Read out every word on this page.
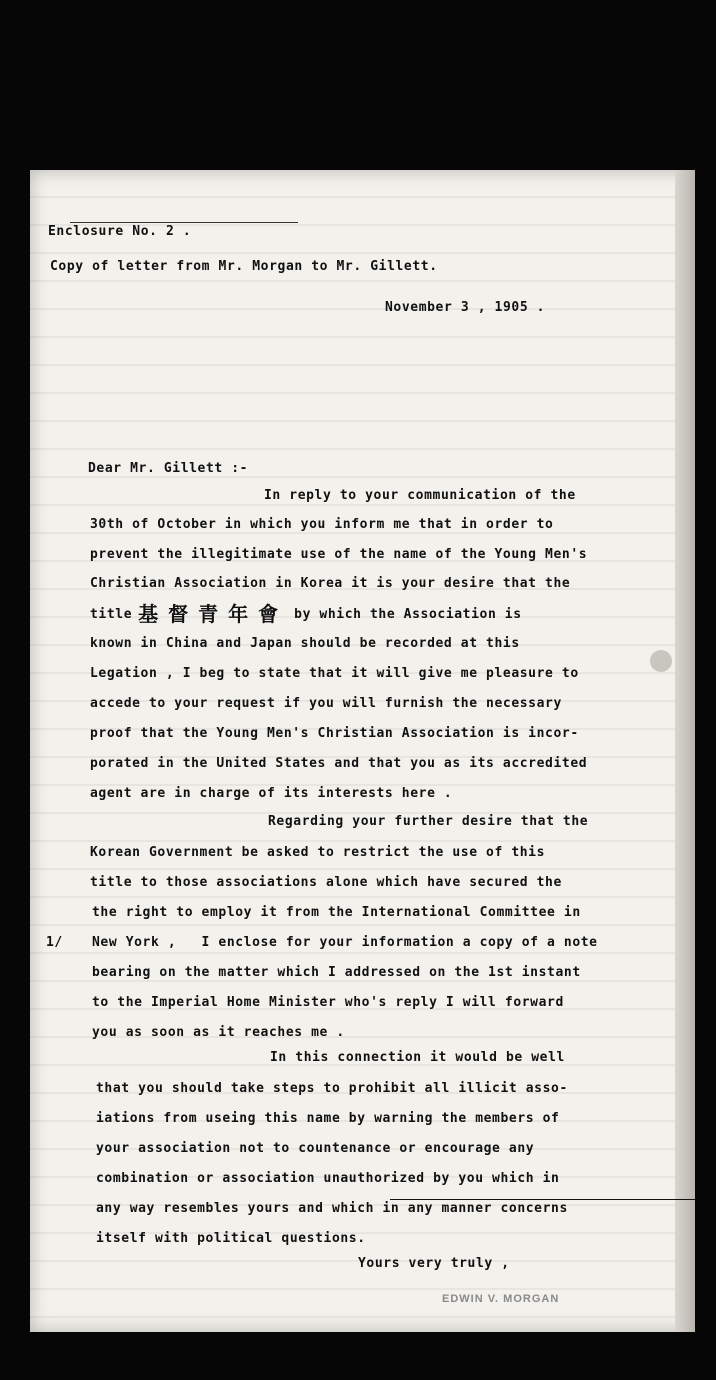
Enclosure No. 2 .
Copy of letter from Mr. Morgan to Mr. Gillett.
November 3 , 1905 .
Dear Mr. Gillett :-
In reply to your communication of the
30th of October in which you inform me that in order to
prevent the illegitimate use of the name of the Young Men's
Christian Association in Korea it is your desire that the
title 基督青年會 by which the Association is
known in China and Japan should be recorded at this
Legation , I beg to state that it will give me pleasure to
accede to your request if you will furnish the necessary
proof that the Young Men's Christian Association is incor-
porated in the United States and that you as its accredited
agent are in charge of its interests here .
Regarding your further desire that the
Korean Government be asked to restrict the use of this
title to those associations alone which have secured the
the right to employ it from the International Committee in
1/ New York ,   I enclose for your information a copy of a note
bearing on the matter which I addressed on the 1st instant
to the Imperial Home Minister who's reply I will forward
you as soon as it reaches me .
In this connection it would be well
that you should take steps to prohibit all illicit asso-
iations from useing this name by warning the members of
your association not to countenance or encourage any
combination or association unauthorized by you which in
any way resembles yours and which in any manner concerns
itself with political questions.
Yours very truly ,
EDWIN V. MORGAN
